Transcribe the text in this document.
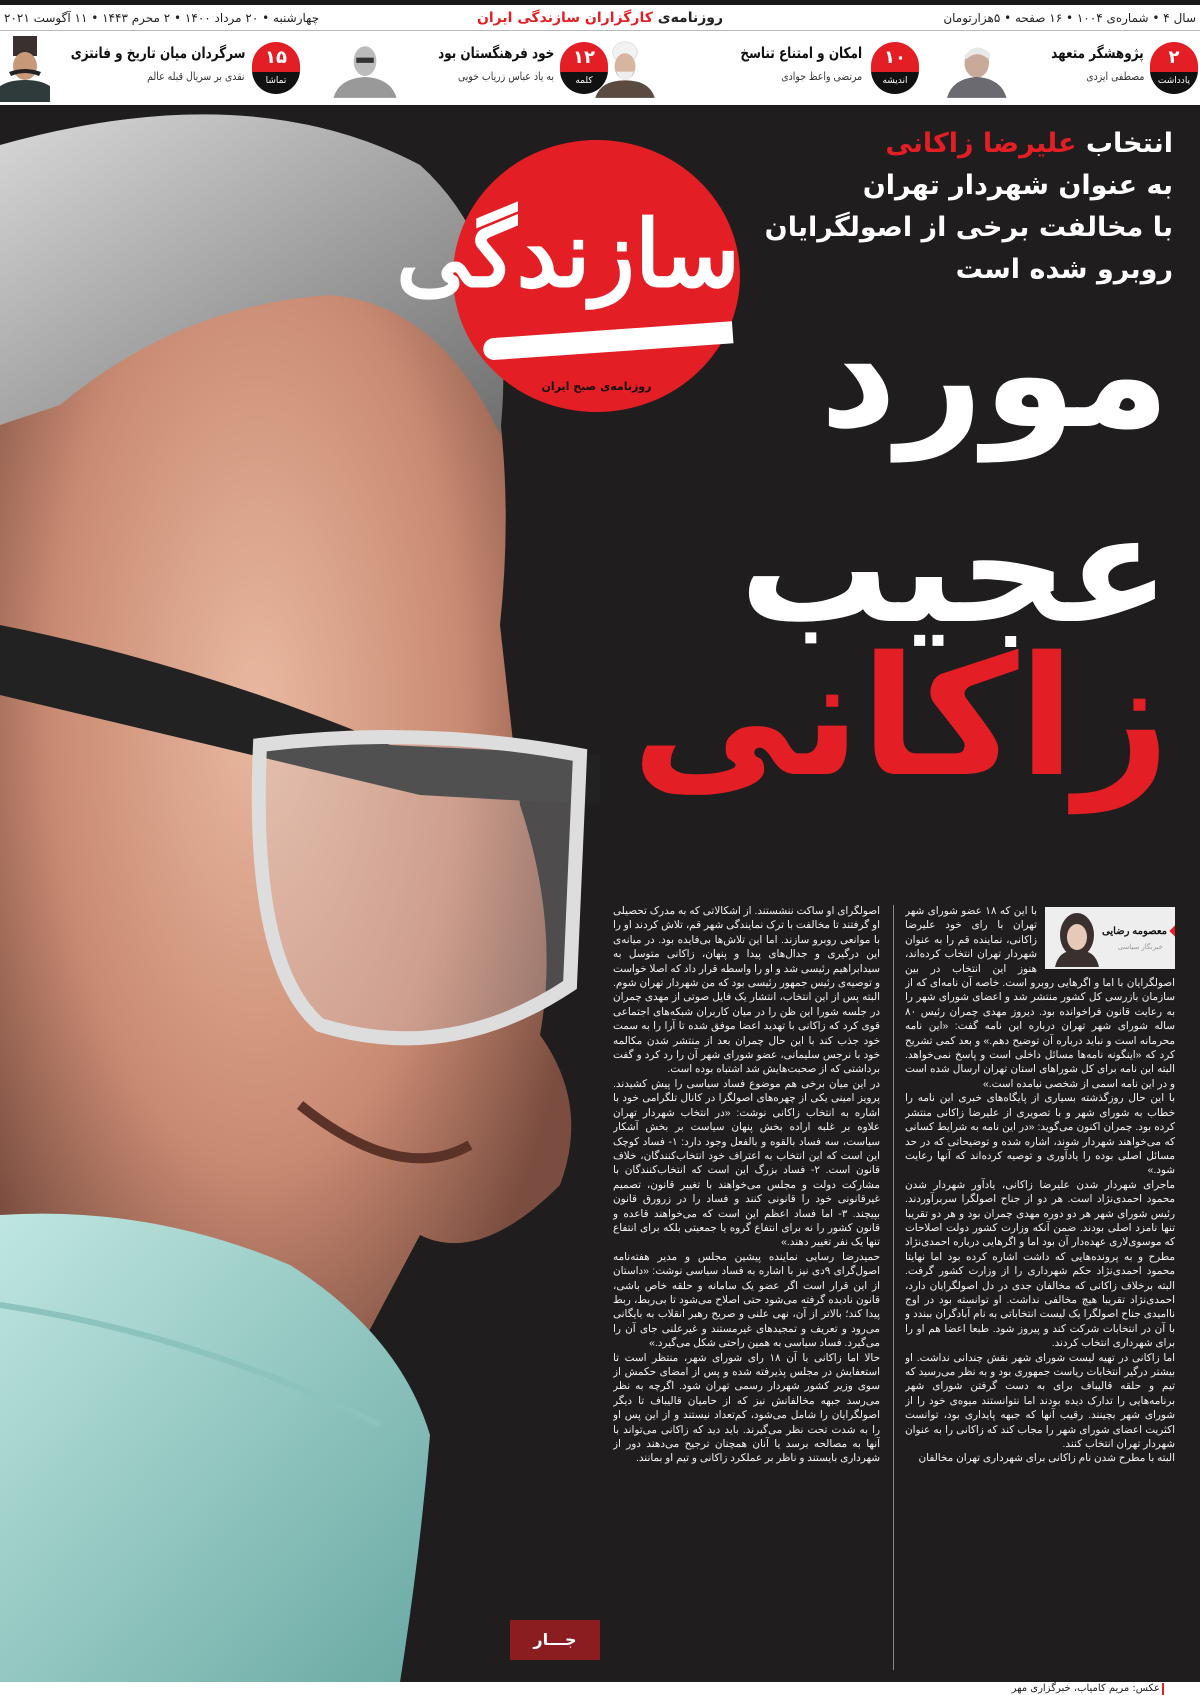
سال ۴ • شماره‌ی ۱۰۰۴ • ۱۶ صفحه • ۵هزارتومان
روزنامه‌ی کارگزاران سازندگی ایران
چهارشنبه • ۲۰ مرداد ۱۴۰۰ • ۲ محرم ۱۴۴۳ • ۱۱ آگوست ۲۰۲۱
۲
یادداشت
پژوهشگر متعهد
مصطفی ایزدی
۱۰
اندیشه
امکان و امتناع تناسخ
مرتضی واعظ جوادی
۱۲
کلمه
خود فرهنگستان بود
به یاد عباس زریاب خویی
۱۵
تماشا
سرگردان میان تاریخ و فانتزی
نقدی بر سریال قبله عالم
سازندگی
روزنامه‌ی صبح ایران
انتخاب علیرضا زاکانی
به عنوان شهردار تهران
با مخالفت برخی از اصولگرایان
روبرو شده است
مورد
عجیب
زاکانی
معصومه رضایی
خبرنگار سیاسی

با این که ۱۸ عضو شورای شهر تهران با رای خود علیرضا زاکانی، نماینده قم را به عنوان شهردار تهران انتخاب کرده‌اند، هنوز این انتخاب در بین اصولگرایان با اما و اگرهایی روبرو است. خاصه آن نامه‌ای که از سازمان بازرسی کل کشور منتشر شد و اعضای شورای شهر را به رعایت قانون فراخوانده بود. دیروز مهدی چمران رئیس ۸۰ ساله شورای شهر تهران درباره این نامه گفت: «این نامه محرمانه است و نباید درباره آن توضیح دهم.» و بعد کمی تشریح کرد که «اینگونه نامه‌ها مسائل داخلی است و پاسخ نمی‌خواهد. البته این نامه برای کل شوراهای استان تهران ارسال شده است و در این نامه اسمی از شخصی نیامده است.»

با این حال روزگذشته بسیاری از پایگاه‌های خبری این نامه را خطاب به شورای شهر و با تصویری از علیرضا زاکانی منتشر کرده بود. چمران اکنون می‌گوید: «در این نامه به شرایط کسانی که می‌خواهند شهردار شوند، اشاره شده و توضیحاتی که در حد مسائل اصلی بوده را یادآوری و توصیه کرده‌اند که آنها رعایت شود.»

ماجرای شهردار شدن علیرضا زاکانی، یادآور شهردار شدن محمود احمدی‌نژاد است. هر دو از جناح اصولگرا سربرآوردند. رئیس شورای شهر هر دو دوره مهدی چمران بود و هر دو تقریبا تنها نامزد اصلی بودند. ضمن آنکه وزارت کشور دولت اصلاحات که موسوی‌لاری عهده‌دار آن بود اما و اگرهایی درباره احمدی‌نژاد مطرح و به پرونده‌هایی که داشت اشاره کرده بود اما نهایتا محمود احمدی‌نژاد حکم شهرداری را از وزارت کشور گرفت. البته برخلاف زاکانی که مخالفان جدی در دل اصولگرایان دارد، احمدی‌نژاد تقریبا هیچ مخالفی نداشت. او توانسته بود در اوج ناامیدی جناح اصولگرا یک لیست انتخاباتی به نام آبادگران ببندد و با آن در انتخابات شرکت کند و پیروز شود. طبعا اعضا هم او را برای شهرداری انتخاب کردند.

اما زاکانی در تهیه لیست شورای شهر نقش چندانی نداشت. او بیشتر درگیر انتخابات ریاست جمهوری بود و به نظر می‌رسید که تیم و حلقه قالیباف برای به دست گرفتن شورای شهر برنامه‌هایی را تدارک دیده بودند اما نتوانستند میوه‌ی خود را از شورای شهر بچینند. رقیب آنها که جبهه پایداری بود، توانست اکثریت اعضای شورای شهر را مجاب کند که زاکانی را به عنوان شهردار تهران انتخاب کنند.

البته با مطرح شدن نام زاکانی برای شهرداری تهران مخالفان

اصولگرای او ساکت ننشستند. از اشکالاتی که به مدرک تحصیلی او گرفتند تا مخالفت با ترک نمایندگی شهر قم، تلاش کردند او را با موانعی روبرو سازند. اما این تلاش‌ها بی‌فایده بود. در میانه‌ی این درگیری و جدال‌های پیدا و پنهان، زاکانی متوسل به سیدابراهیم رئیسی شد و او را واسطه قرار داد که اصلا خواست و توصیه‌ی رئیس جمهور رئیسی بود که من شهردار تهران شوم. البته پس از این انتخاب، انتشار یک فایل صوتی از مهدی چمران در جلسه شورا این ظن را در میان کاربران شبکه‌های اجتماعی قوی کرد که زاکانی با تهدید اعضا موفق شده تا آرا را به سمت خود جذب کند با این حال چمران بعد از منتشر شدن مکالمه خود با نرجس سلیمانی، عضو شورای شهر آن را رد کرد و گفت برداشتی که از صحبت‌هایش شد اشتباه بوده است.

در این میان برخی هم موضوع فساد سیاسی را پیش کشیدند. پرویز امینی یکی از چهره‌های اصولگرا در کانال تلگرامی خود با اشاره به انتخاب زاکانی نوشت: «در انتخاب شهردار تهران علاوه بر غلبه اراده بخش پنهان سیاست بر بخش آشکار سیاست، سه فساد بالقوه و بالفعل وجود دارد: ۱- فساد کوچک این است که این انتخاب به اعتراف خود انتخاب‌کنندگان، خلاف قانون است. ۲- فساد بزرگ این است که انتخاب‌کنندگان با مشارکت دولت و مجلس می‌خواهند با تغییر قانون، تصمیم غیرقانونی خود را قانونی کنند و فساد را در زرورق قانون بپیچند. ۳- اما فساد اعظم این است که می‌خواهند قاعده و قانون کشور را نه برای انتفاع گروه یا جمعیتی بلکه برای انتفاع تنها یک نفر تغییر دهند.»

حمیدرضا رسایی نماینده پیشین مجلس و مدیر هفته‌نامه اصول‌گرای ۹دی نیز با اشاره به فساد سیاسی نوشت: «داستان از این قرار است اگر عضو یک سامانه و حلقه خاص باشی، قانون نادیده گرفته می‌شود حتی اصلاح می‌شود تا بی‌ربط، ربط پیدا کند؛ بالاتر از آن، نهی علنی و صریح رهبر انقلاب به بایگانی می‌رود و تعریف و تمجیدهای غیرمستند و غیرعلنی جای آن را می‌گیرد. فساد سیاسی به همین راحتی شکل می‌گیرد.»

حالا اما زاکانی با آن ۱۸ رای شورای شهر، منتظر است تا استعفایش در مجلس پذیرفته شده و پس از امضای حکمش از سوی وزیر کشور شهردار رسمی تهران شود. اگرچه به نظر می‌رسد جبهه مخالفانش نیز که از حامیان قالیباف تا دیگر اصولگرایان را شامل می‌شود، کم‌تعداد نیستند و از این پس او را به شدت تحت نظر می‌گیرند. باید دید که زاکانی می‌تواند با آنها به مصالحه برسد یا آنان همچنان ترجیح می‌دهند دور از شهرداری بایستند و ناظر بر عملکرد زاکانی و تیم او بمانند.

جـــار
عکس: مریم کامیاب، خبرگزاری مهر
